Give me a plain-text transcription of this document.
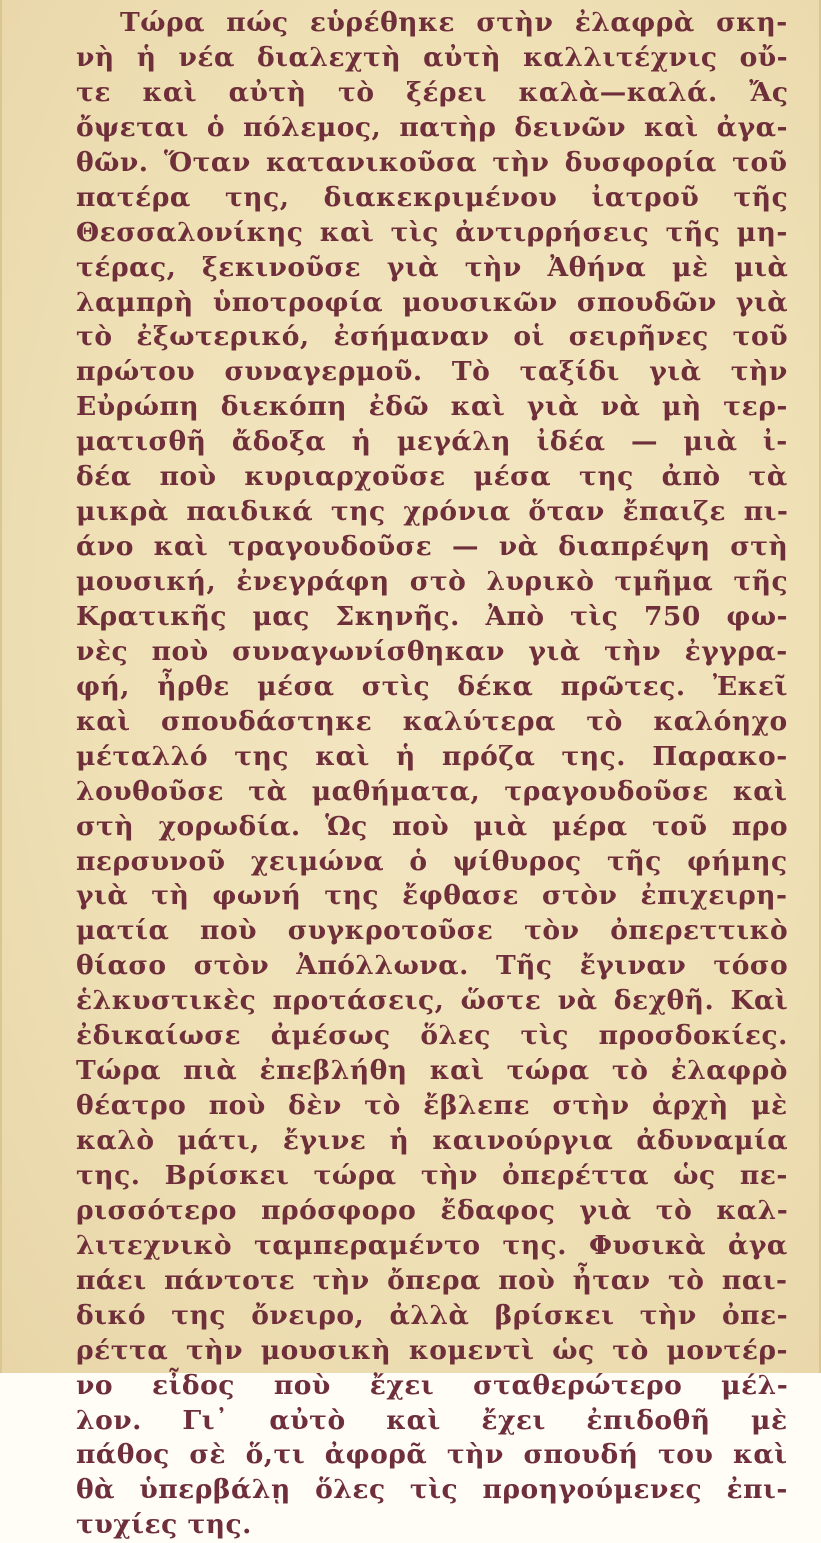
Τώρα πώς εὑρέθηκε στὴν ἐλαφρὰ σκη-
νὴ ἡ νέα διαλεχτὴ αὐτὴ καλλιτέχνις οὔ-
τε καὶ αὐτὴ τὸ ξέρει καλὰ—καλά. Ἄς
ὄψεται ὁ πόλεμος, πατὴρ δεινῶν καὶ ἀγα-
θῶν. Ὅταν κατανικοῦσα τὴν δυσφορία τοῦ
πατέρα της, διακεκριμένου ἰατροῦ τῆς
Θεσσαλονίκης καὶ τὶς ἀντιρρήσεις τῆς μη-
τέρας, ξεκινοῦσε γιὰ τὴν Ἀθήνα μὲ μιὰ
λαμπρὴ ὑποτροφία μουσικῶν σπουδῶν γιὰ
τὸ ἐξωτερικό, ἐσήμαναν οἱ σειρῆνες τοῦ
πρώτου συναγερμοῦ. Τὸ ταξίδι γιὰ τὴν
Εὐρώπη διεκόπη ἐδῶ καὶ γιὰ νὰ μὴ τερ-
ματισθῆ ἄδοξα ἡ μεγάλη ἰδέα — μιὰ ἰ-
δέα ποὺ κυριαρχοῦσε μέσα της ἀπὸ τὰ
μικρὰ παιδικά της χρόνια ὅταν ἔπαιζε πι-
άνο καὶ τραγουδοῦσε — νὰ διαπρέψη στὴ
μουσική, ἐνεγράφη στὸ λυρικὸ τμῆμα τῆς
Κρατικῆς μας Σκηνῆς. Ἀπὸ τὶς 750 φω-
νὲς ποὺ συναγωνίσθηκαν γιὰ τὴν ἐγγρα-
φή, ἦρθε μέσα στὶς δέκα πρῶτες. Ἐκεῖ
καὶ σπουδάστηκε καλύτερα τὸ καλόηχο
μέταλλό της καὶ ἡ πρόζα της. Παρακο-
λουθοῦσε τὰ μαθήματα, τραγουδοῦσε καὶ
στὴ χορωδία. Ὡς ποὺ μιὰ μέρα τοῦ προ
περσυνοῦ χειμώνα ὁ ψίθυρος τῆς φήμης
γιὰ τὴ φωνή της ἔφθασε στὸν ἐπιχειρη-
ματία ποὺ συγκροτοῦσε τὸν ὀπερεττικὸ
θίασο στὸν Ἀπόλλωνα. Τῆς ἔγιναν τόσο
ἑλκυστικὲς προτάσεις, ὥστε νὰ δεχθῆ. Καὶ
ἐδικαίωσε ἀμέσως ὅλες τὶς προσδοκίες.
Τώρα πιὰ ἐπεβλήθη καὶ τώρα τὸ ἐλαφρὸ
θέατρο ποὺ δὲν τὸ ἔβλεπε στὴν ἀρχὴ μὲ
καλὸ μάτι, ἔγινε ἡ καινούργια ἀδυναμία
της. Βρίσκει τώρα τὴν ὀπερέττα ὡς πε-
ρισσότερο πρόσφορο ἔδαφος γιὰ τὸ καλ-
λιτεχνικὸ ταμπεραμέντο της. Φυσικὰ ἀγα
πάει πάντοτε τὴν ὄπερα ποὺ ἦταν τὸ παι-
δικό της ὄνειρο, ἀλλὰ βρίσκει τὴν ὀπε-
ρέττα τὴν μουσικὴ κομεντὶ ὡς τὸ μοντέρ-
νο εἶδος ποὺ ἔχει σταθερώτερο μέλ-
λον. Γι᾿ αὐτὸ καὶ ἔχει ἐπιδοθῆ μὲ
πάθος σὲ ὅ,τι ἀφορᾶ τὴν σπουδή του καὶ
θὰ ὑπερβάλῃ ὅλες τὶς προηγούμενες ἐπι-
τυχίες της.
